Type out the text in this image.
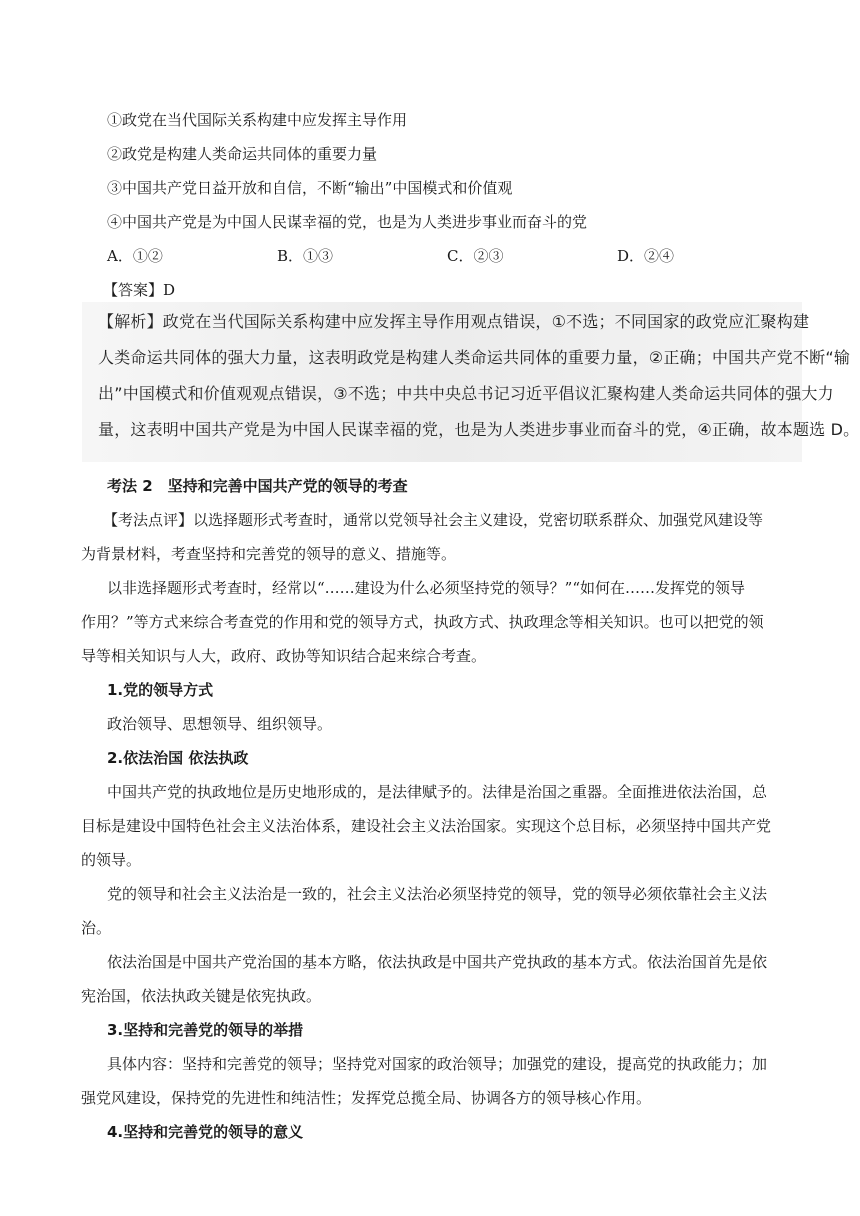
①政党在当代国际关系构建中应发挥主导作用
②政党是构建人类命运共同体的重要力量
③中国共产党日益开放和自信，不断“输出”中国模式和价值观
④中国共产党是为中国人民谋幸福的党，也是为人类进步事业而奋斗的党
A．①②	B．①③	C．②③	D．②④
【答案】D
【解析】政党在当代国际关系构建中应发挥主导作用观点错误，①不选；不同国家的政党应汇聚构建
人类命运共同体的强大力量，这表明政党是构建人类命运共同体的重要力量，②正确；中国共产党不断“输
出”中国模式和价值观观点错误，③不选；中共中央总书记习近平倡议汇聚构建人类命运共同体的强大力
量，这表明中国共产党是为中国人民谋幸福的党，也是为人类进步事业而奋斗的党，④正确，故本题选 D。
考法 2　坚持和完善中国共产党的领导的考查
【考法点评】以选择题形式考查时，通常以党领导社会主义建设，党密切联系群众、加强党风建设等
为背景材料，考查坚持和完善党的领导的意义、措施等。
以非选择题形式考查时，经常以“……建设为什么必须坚持党的领导？”“如何在……发挥党的领导
作用？”等方式来综合考查党的作用和党的领导方式，执政方式、执政理念等相关知识。也可以把党的领
导等相关知识与人大，政府、政协等知识结合起来综合考查。
1.党的领导方式
政治领导、思想领导、组织领导。
2.依法治国 依法执政
中国共产党的执政地位是历史地形成的，是法律赋予的。法律是治国之重器。全面推进依法治国，总
目标是建设中国特色社会主义法治体系，建设社会主义法治国家。实现这个总目标，必须坚持中国共产党
的领导。
党的领导和社会主义法治是一致的，社会主义法治必须坚持党的领导，党的领导必须依靠社会主义法
治。
依法治国是中国共产党治国的基本方略，依法执政是中国共产党执政的基本方式。依法治国首先是依
宪治国，依法执政关键是依宪执政。
3.坚持和完善党的领导的举措
具体内容：坚持和完善党的领导；坚持党对国家的政治领导；加强党的建设，提高党的执政能力；加
强党风建设，保持党的先进性和纯洁性；发挥党总揽全局、协调各方的领导核心作用。
4.坚持和完善党的领导的意义
